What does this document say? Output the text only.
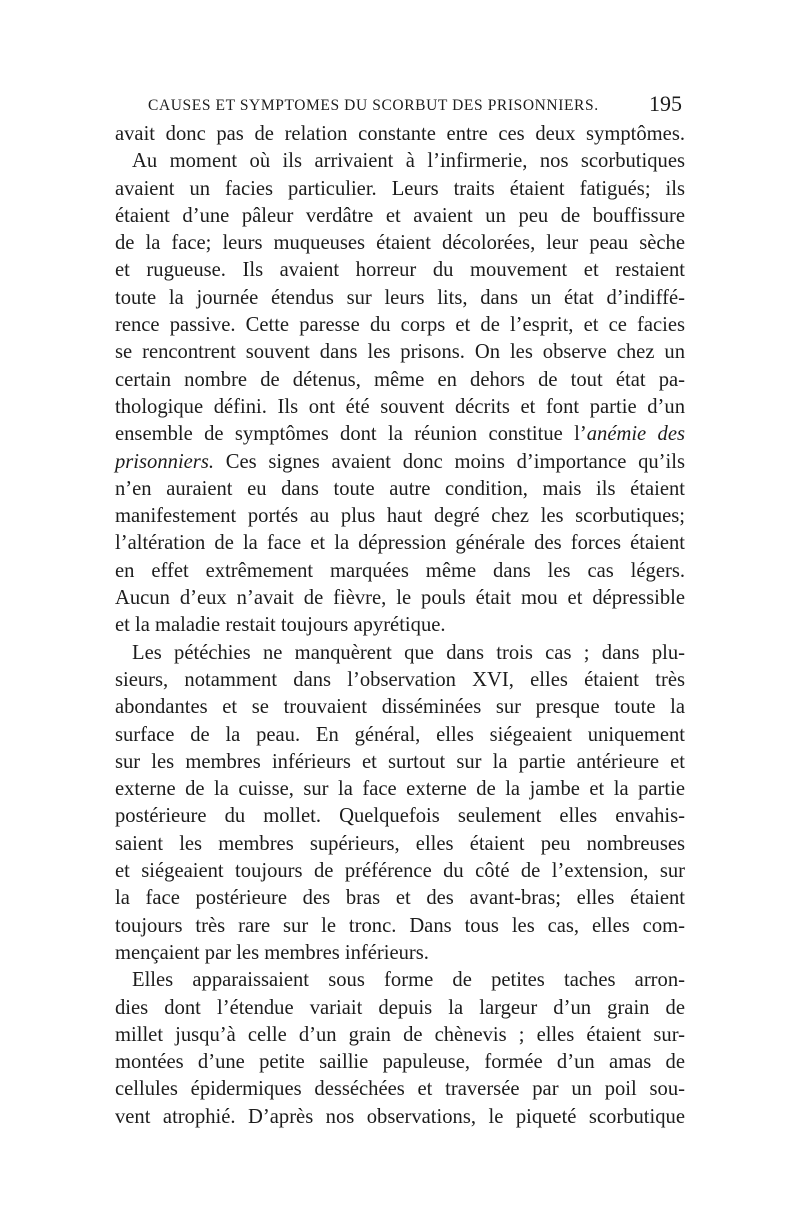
CAUSES ET SYMPTOMES DU SCORBUT DES PRISONNIERS. 195
avait donc pas de relation constante entre ces deux symptômes.
Au moment où ils arrivaient à l’infirmerie, nos scorbutiques
avaient un facies particulier. Leurs traits étaient fatigués; ils
étaient d’une pâleur verdâtre et avaient un peu de bouffissure
de la face; leurs muqueuses étaient décolorées, leur peau sèche
et rugueuse. Ils avaient horreur du mouvement et restaient
toute la journée étendus sur leurs lits, dans un état d’indiffé-
rence passive. Cette paresse du corps et de l’esprit, et ce facies
se rencontrent souvent dans les prisons. On les observe chez un
certain nombre de détenus, même en dehors de tout état pa-
thologique défini. Ils ont été souvent décrits et font partie d’un
ensemble de symptômes dont la réunion constitue l’anémie des
prisonniers. Ces signes avaient donc moins d’importance qu’ils
n’en auraient eu dans toute autre condition, mais ils étaient
manifestement portés au plus haut degré chez les scorbutiques;
l’altération de la face et la dépression générale des forces étaient
en effet extrêmement marquées même dans les cas légers.
Aucun d’eux n’avait de fièvre, le pouls était mou et dépressible
et la maladie restait toujours apyrétique.
Les pétéchies ne manquèrent que dans trois cas ; dans plu-
sieurs, notamment dans l’observation XVI, elles étaient très
abondantes et se trouvaient disséminées sur presque toute la
surface de la peau. En général, elles siégeaient uniquement
sur les membres inférieurs et surtout sur la partie antérieure et
externe de la cuisse, sur la face externe de la jambe et la partie
postérieure du mollet. Quelquefois seulement elles envahis-
saient les membres supérieurs, elles étaient peu nombreuses
et siégeaient toujours de préférence du côté de l’extension, sur
la face postérieure des bras et des avant-bras; elles étaient
toujours très rare sur le tronc. Dans tous les cas, elles com-
mençaient par les membres inférieurs.
Elles apparaissaient sous forme de petites taches arron-
dies dont l’étendue variait depuis la largeur d’un grain de
millet jusqu’à celle d’un grain de chènevis ; elles étaient sur-
montées d’une petite saillie papuleuse, formée d’un amas de
cellules épidermiques desséchées et traversée par un poil sou-
vent atrophié. D’après nos observations, le piqueté scorbutique
